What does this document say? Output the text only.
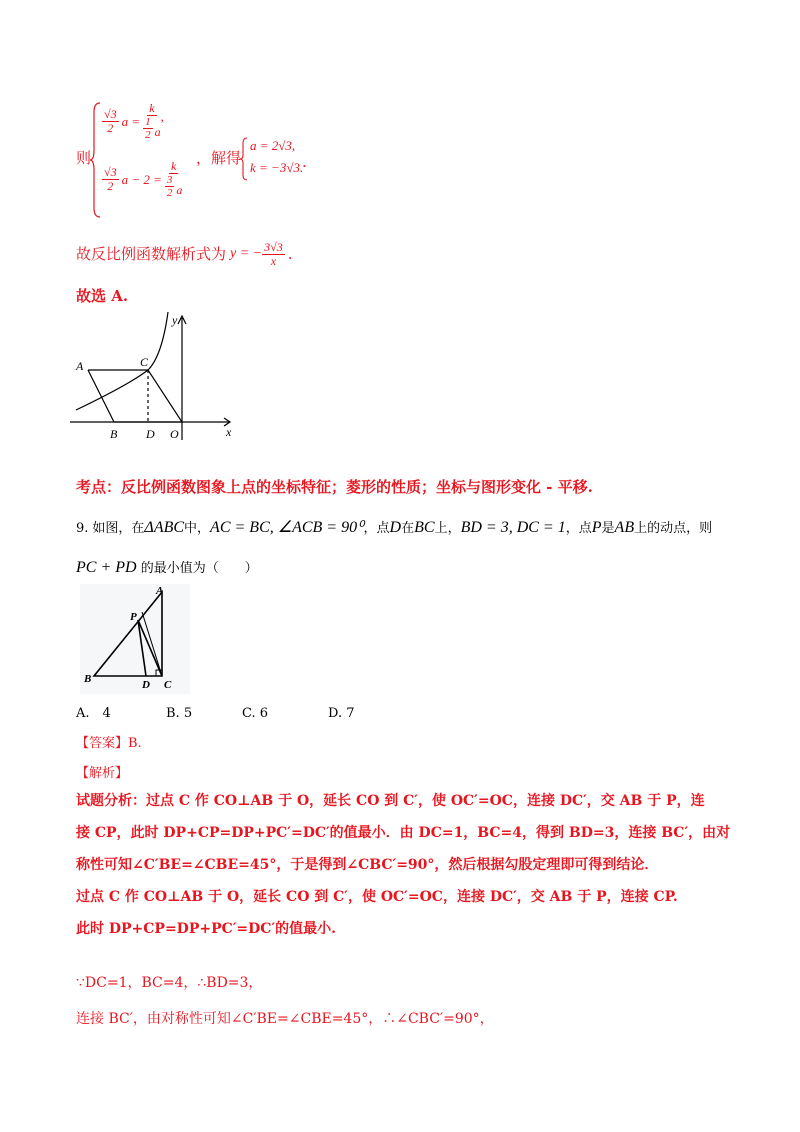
则
$\frac{√3}{2}$ $a = \frac{k}{\frac{1}{2} a}$ ,
$\frac{√3}{2}$ $a - 2 = \frac{k}{\frac{3}{2} a}$
，解得
a = 2√3,
k = −3√3.
.
故反比例函数解析式为 y = − $\frac{3√3}{x}$ .
故选 A.
A	C
B D O	x
y
考点：反比例函数图象上点的坐标特征；菱形的性质；坐标与图形变化 - 平移.
9. 如图，在 ΔABC 中， AC = BC, ∠ACB = 90⁰ ，点 D 在 BC 上， BD = 3, DC = 1 ，点 P 是 AB 上的动点，则
PC + PD 的最小值为（　　）
A
P
B	D C
A.　4	B. 5	C. 6	D. 7
【答案】B.
【解析】
试题分析：过点 C 作 CO⊥AB 于 O，延长 CO 到 C′，使 OC′=OC，连接 DC′，交 AB 于 P，连
接 CP，此时 DP+CP=DP+PC′=DC′的值最小．由 DC=1，BC=4，得到 BD=3，连接 BC′，由对
称性可知∠C′BE=∠CBE=45°，于是得到∠CBC′=90°，然后根据勾股定理即可得到结论．
过点 C 作 CO⊥AB 于 O，延长 CO 到 C′，使 OC′=OC，连接 DC′，交 AB 于 P，连接 CP.
此时 DP+CP=DP+PC′=DC′的值最小.
∵DC=1，BC=4，∴BD=3，
连接 BC′，由对称性可知∠C′BE=∠CBE=45°，∴∠CBC′=90°，
